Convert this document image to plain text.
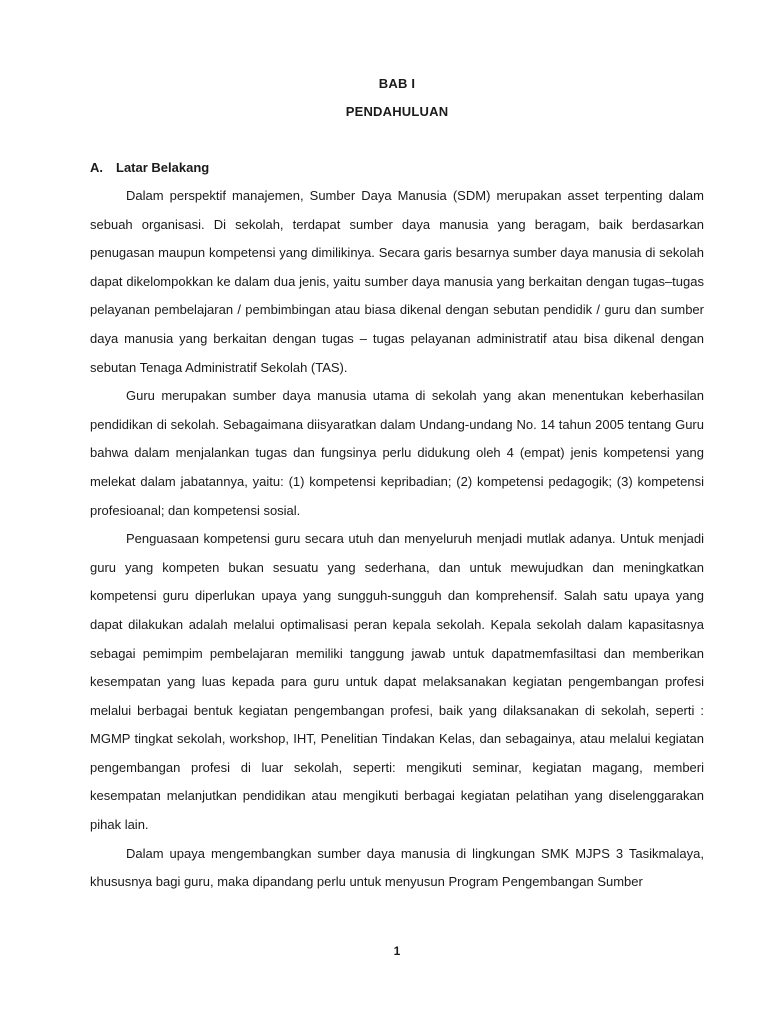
BAB I
PENDAHULUAN
A.	Latar Belakang

Dalam perspektif manajemen, Sumber Daya Manusia (SDM) merupakan asset terpenting dalam sebuah organisasi. Di sekolah, terdapat sumber daya manusia yang beragam, baik berdasarkan penugasan maupun kompetensi yang dimilikinya. Secara garis besarnya sumber daya manusia di sekolah dapat dikelompokkan ke dalam dua jenis, yaitu sumber daya manusia yang berkaitan dengan tugas–tugas pelayanan pembelajaran / pembimbingan atau biasa dikenal dengan sebutan pendidik / guru dan sumber daya manusia yang berkaitan dengan tugas – tugas pelayanan administratif atau bisa dikenal dengan sebutan Tenaga Administratif Sekolah (TAS).

Guru merupakan sumber daya manusia utama di sekolah yang akan menentukan keberhasilan pendidikan di sekolah. Sebagaimana diisyaratkan dalam Undang-undang No. 14 tahun 2005 tentang Guru bahwa dalam menjalankan tugas dan fungsinya perlu didukung oleh 4 (empat) jenis kompetensi yang melekat dalam jabatannya, yaitu: (1) kompetensi kepribadian; (2) kompetensi pedagogik; (3) kompetensi profesioanal; dan kompetensi sosial.

Penguasaan kompetensi guru secara utuh dan menyeluruh menjadi mutlak adanya. Untuk menjadi guru yang kompeten bukan sesuatu yang sederhana, dan untuk mewujudkan dan meningkatkan kompetensi guru diperlukan upaya yang sungguh-sungguh dan komprehensif. Salah satu upaya yang dapat dilakukan adalah melalui optimalisasi peran kepala sekolah. Kepala sekolah dalam kapasitasnya sebagai pemimpim pembelajaran memiliki tanggung jawab untuk dapatmemfasiltasi dan memberikan kesempatan yang luas kepada para guru untuk dapat melaksanakan kegiatan pengembangan profesi melalui berbagai bentuk kegiatan pengembangan profesi, baik yang dilaksanakan di sekolah, seperti : MGMP tingkat sekolah, workshop, IHT, Penelitian Tindakan Kelas, dan sebagainya, atau melalui kegiatan pengembangan profesi di luar sekolah, seperti: mengikuti seminar, kegiatan magang, memberi kesempatan melanjutkan pendidikan atau mengikuti berbagai kegiatan pelatihan yang diselenggarakan pihak lain.

Dalam upaya mengembangkan sumber daya manusia di lingkungan SMK MJPS 3 Tasikmalaya, khususnya bagi guru, maka dipandang perlu untuk menyusun Program Pengembangan Sumber

1
